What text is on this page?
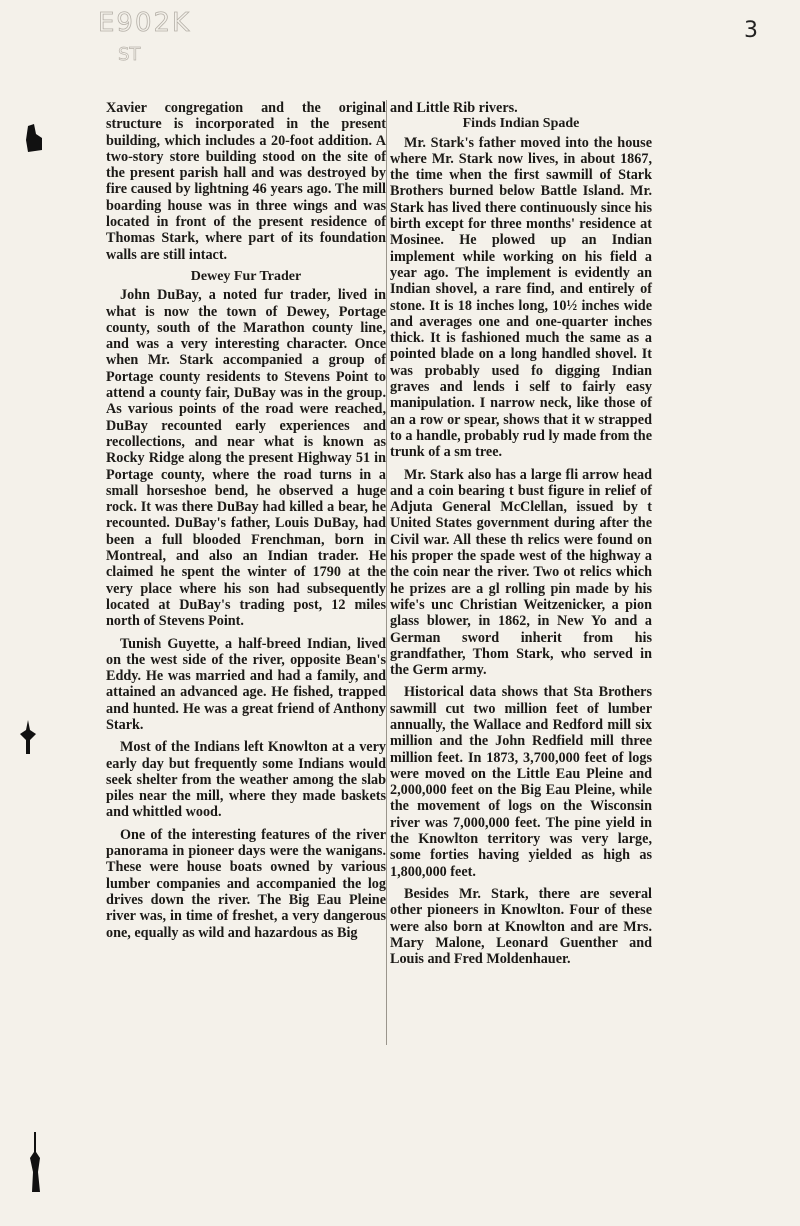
E902K
ST
3

Xavier congregation and the original structure is incorporated in the present building, which includes a 20-foot addition. A two-story store building stood on the site of the present parish hall and was destroyed by fire caused by lightning 46 years ago. The mill boarding house was in three wings and was located in front of the present residence of Thomas Stark, where part of its foundation walls are still intact.

Dewey Fur Trader

John DuBay, a noted fur trader, lived in what is now the town of Dewey, Portage county, south of the Marathon county line, and was a very interesting character. Once when Mr. Stark accompanied a group of Portage county residents to Stevens Point to attend a county fair, DuBay was in the group. As various points of the road were reached, DuBay recounted early experiences and recollections, and near what is known as Rocky Ridge along the present Highway 51 in Portage county, where the road turns in a small horseshoe bend, he observed a huge rock. It was there DuBay had killed a bear, he recounted. DuBay's father, Louis DuBay, had been a full blooded Frenchman, born in Montreal, and also an Indian trader. He claimed he spent the winter of 1790 at the very place where his son had subsequently located at DuBay's trading post, 12 miles north of Stevens Point.

Tunish Guyette, a half-breed Indian, lived on the west side of the river, opposite Bean's Eddy. He was married and had a family, and attained an advanced age. He fished, trapped and hunted. He was a great friend of Anthony Stark.

Most of the Indians left Knowlton at a very early day but frequently some Indians would seek shelter from the weather among the slab piles near the mill, where they made baskets and whittled wood.

One of the interesting features of the river panorama in pioneer days were the wanigans. These were house boats owned by various lumber companies and accompanied the log drives down the river. The Big Eau Pleine river was, in time of freshet, a very dangerous one, equally as wild and hazardous as Big

and Little Rib rivers.

Finds Indian Spade

Mr. Stark's father moved into the house where Mr. Stark now lives, in about 1867, the time when the first sawmill of Stark Brothers burned below Battle Island. Mr. Stark has lived there continuously since his birth except for three months' residence at Mosinee. He plowed up an Indian implement while working on his field a year ago. The implement is evidently an Indian shovel, a rare find, and entirely of stone. It is 18 inches long, 10½ inches wide and averages one and one-quarter inches thick. It is fashioned much the same as a pointed blade on a long handled shovel. It was probably used fo digging Indian graves and lends i self to fairly easy manipulation. I narrow neck, like those of an a row or spear, shows that it w strapped to a handle, probably rud ly made from the trunk of a sm tree.

Mr. Stark also has a large fli arrow head and a coin bearing t bust figure in relief of Adjuta General McClellan, issued by t United States government during after the Civil war. All these th relics were found on his proper the spade west of the highway a the coin near the river. Two ot relics which he prizes are a gl rolling pin made by his wife's unc Christian Weitzenicker, a pion glass blower, in 1862, in New Yo and a German sword inherit from his grandfather, Thom Stark, who served in the Germ army.

Historical data shows that Sta Brothers sawmill cut two million feet of lumber annually, the Wallace and Redford mill six million and the John Redfield mill three million feet. In 1873, 3,700,000 feet of logs were moved on the Little Eau Pleine and 2,000,000 feet on the Big Eau Pleine, while the movement of logs on the Wisconsin river was 7,000,000 feet. The pine yield in the Knowlton territory was very large, some forties having yielded as high as 1,800,000 feet.

Besides Mr. Stark, there are several other pioneers in Knowlton. Four of these were also born at Knowlton and are Mrs. Mary Malone, Leonard Guenther and Louis and Fred Moldenhauer.
